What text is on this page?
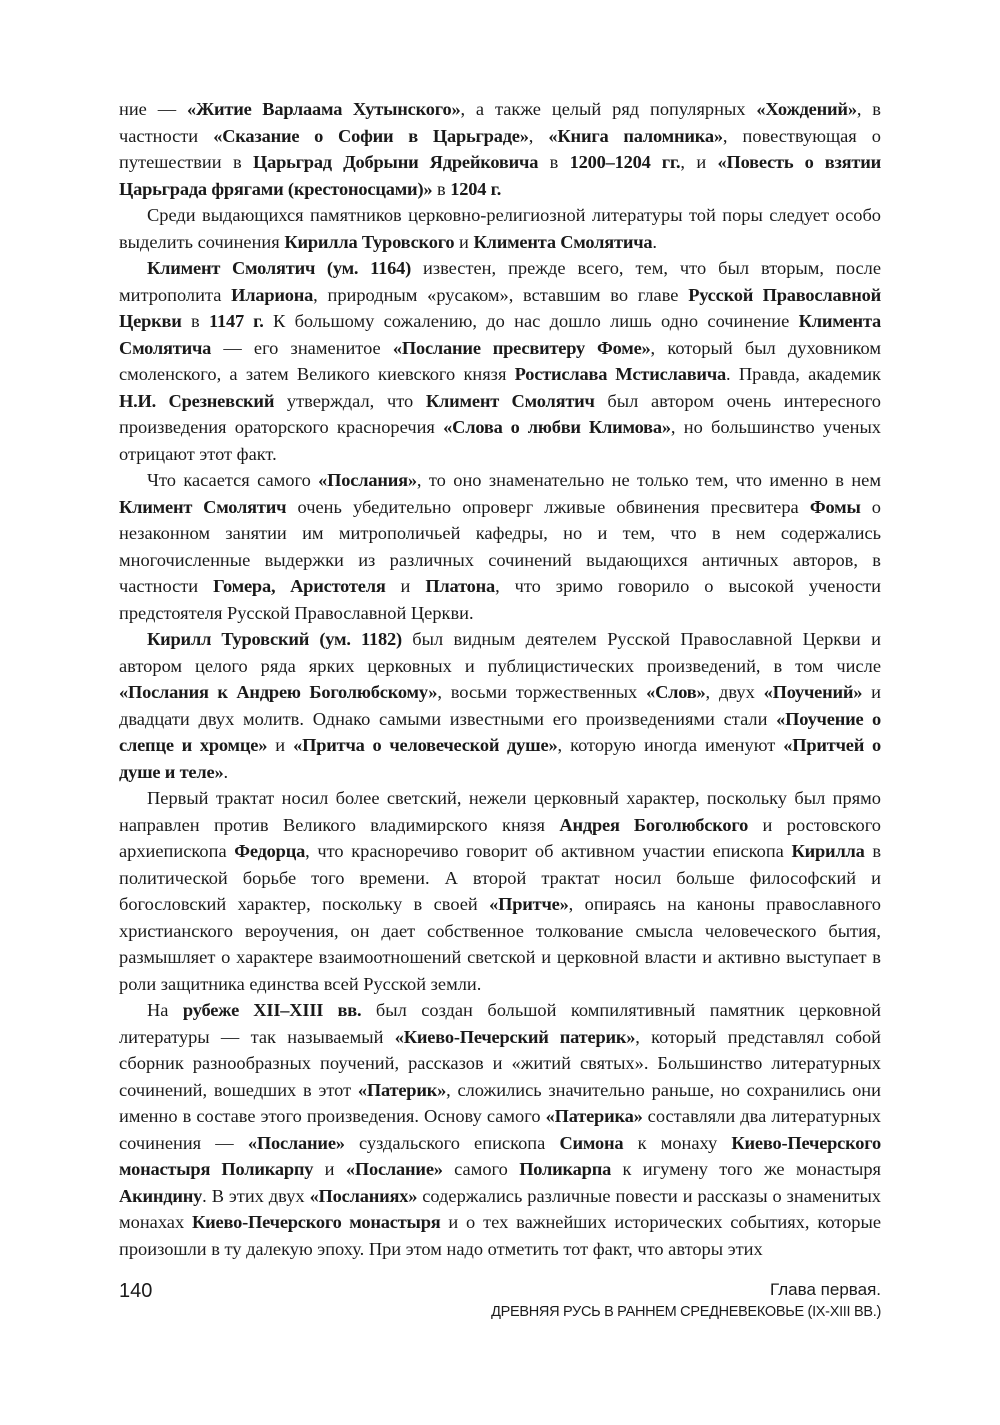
ние — «Житие Варлаама Хутынского», а также целый ряд популярных «Хождений», в частности «Сказание о Софии в Царьграде», «Книга паломника», повествующая о путешествии в Царьград Добрыни Ядрейковича в 1200–1204 гг., и «Повесть о взятии Царьграда фрягами (крестоносцами)» в 1204 г.

Среди выдающихся памятников церковно-религиозной литературы той поры следует особо выделить сочинения Кирилла Туровского и Климента Смолятича.

Климент Смолятич (ум. 1164) известен, прежде всего, тем, что был вторым, после митрополита Илариона, природным «русаком», вставшим во главе Русской Православной Церкви в 1147 г. К большому сожалению, до нас дошло лишь одно сочинение Климента Смолятича — его знаменитое «Послание пресвитеру Фоме», который был духовником смоленского, а затем Великого киевского князя Ростислава Мстиславича. Правда, академик Н.И. Срезневский утверждал, что Климент Смолятич был автором очень интересного произведения ораторского красноречия «Слова о любви Климова», но большинство ученых отрицают этот факт.

Что касается самого «Послания», то оно знаменательно не только тем, что именно в нем Климент Смолятич очень убедительно опроверг лживые обвинения пресвитера Фомы о незаконном занятии им митрополичьей кафедры, но и тем, что в нем содержались многочисленные выдержки из различных сочинений выдающихся античных авторов, в частности Гомера, Аристотеля и Платона, что зримо говорило о высокой учености предстоятеля Русской Православной Церкви.

Кирилл Туровский (ум. 1182) был видным деятелем Русской Православной Церкви и автором целого ряда ярких церковных и публицистических произведений, в том числе «Послания к Андрею Боголюбскому», восьми торжественных «Слов», двух «Поучений» и двадцати двух молитв. Однако самыми известными его произведениями стали «Поучение о слепце и хромце» и «Притча о человеческой душе», которую иногда именуют «Притчей о душе и теле».

Первый трактат носил более светский, нежели церковный характер, поскольку был прямо направлен против Великого владимирского князя Андрея Боголюбского и ростовского архиепископа Федорца, что красноречиво говорит об активном участии епископа Кирилла в политической борьбе того времени. А второй трактат носил больше философский и богословский характер, поскольку в своей «Притче», опираясь на каноны православного христианского вероучения, он дает собственное толкование смысла человеческого бытия, размышляет о характере взаимоотношений светской и церковной власти и активно выступает в роли защитника единства всей Русской земли.

На рубеже XII–XIII вв. был создан большой компилятивный памятник церковной литературы — так называемый «Киево-Печерский патерик», который представлял собой сборник разнообразных поучений, рассказов и «житий святых». Большинство литературных сочинений, вошедших в этот «Патерик», сложились значительно раньше, но сохранились они именно в составе этого произведения. Основу самого «Патерика» составляли два литературных сочинения — «Послание» суздальского епископа Симона к монаху Киево-Печерского монастыря Поликарпу и «Послание» самого Поликарпа к игумену того же монастыря Акиндину. В этих двух «Посланиях» содержались различные повести и рассказы о знаменитых монахах Киево-Печерского монастыря и о тех важнейших исторических событиях, которые произошли в ту далекую эпоху. При этом надо отметить тот факт, что авторы этих

140	Глава первая.
ДРЕВНЯЯ РУСЬ В РАННЕМ СРЕДНЕВЕКОВЬЕ (IX-XIII ВВ.)
